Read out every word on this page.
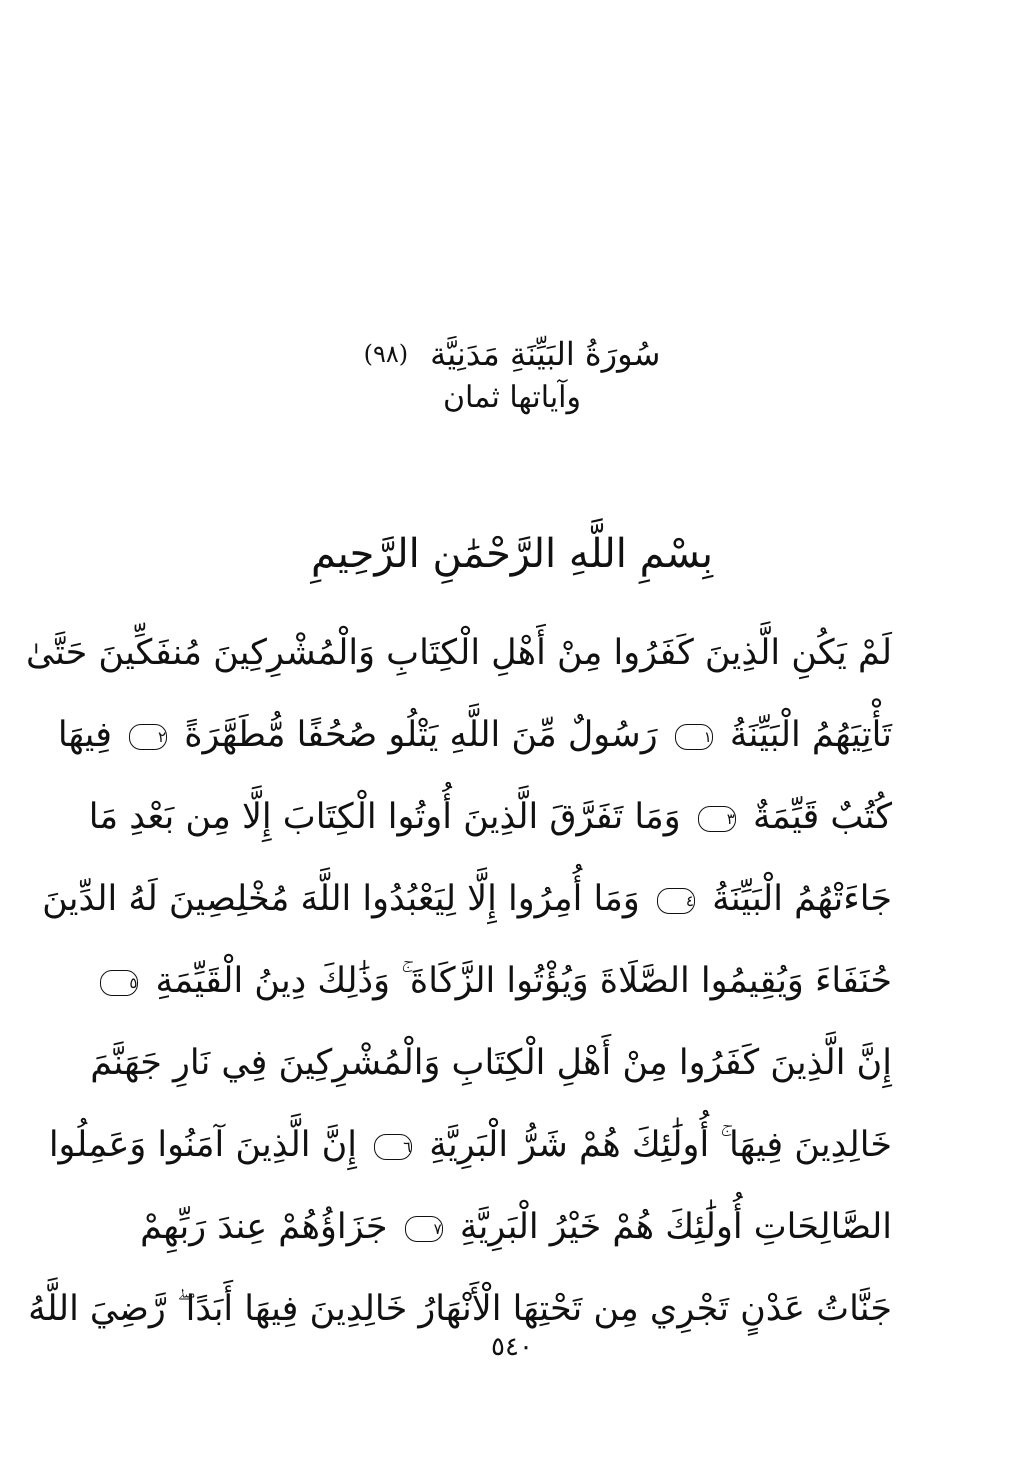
سُورَةُ البَيِّنَةِ مَدَنِيَّة
(٩٨)
وآياتها ثمان
بِسْمِ اللَّهِ الرَّحْمَٰنِ الرَّحِيمِ
لَمْ يَكُنِ الَّذِينَ كَفَرُوا مِنْ أَهْلِ الْكِتَابِ وَالْمُشْرِكِينَ مُنفَكِّينَ حَتَّىٰ
تَأْتِيَهُمُ الْبَيِّنَةُ ١ رَسُولٌ مِّنَ اللَّهِ يَتْلُو صُحُفًا مُّطَهَّرَةً ٢ فِيهَا
كُتُبٌ قَيِّمَةٌ ٣ وَمَا تَفَرَّقَ الَّذِينَ أُوتُوا الْكِتَابَ إِلَّا مِن بَعْدِ مَا
جَاءَتْهُمُ الْبَيِّنَةُ ٤ وَمَا أُمِرُوا إِلَّا لِيَعْبُدُوا اللَّهَ مُخْلِصِينَ لَهُ الدِّينَ
حُنَفَاءَ وَيُقِيمُوا الصَّلَاةَ وَيُؤْتُوا الزَّكَاةَ ۚ وَذَٰلِكَ دِينُ الْقَيِّمَةِ ٥
إِنَّ الَّذِينَ كَفَرُوا مِنْ أَهْلِ الْكِتَابِ وَالْمُشْرِكِينَ فِي نَارِ جَهَنَّمَ
خَالِدِينَ فِيهَا ۚ أُولَٰئِكَ هُمْ شَرُّ الْبَرِيَّةِ ٦ إِنَّ الَّذِينَ آمَنُوا وَعَمِلُوا
الصَّالِحَاتِ أُولَٰئِكَ هُمْ خَيْرُ الْبَرِيَّةِ ٧ جَزَاؤُهُمْ عِندَ رَبِّهِمْ
جَنَّاتُ عَدْنٍ تَجْرِي مِن تَحْتِهَا الْأَنْهَارُ خَالِدِينَ فِيهَا أَبَدًا ۖ رَّضِيَ اللَّهُ
٥٤٠
